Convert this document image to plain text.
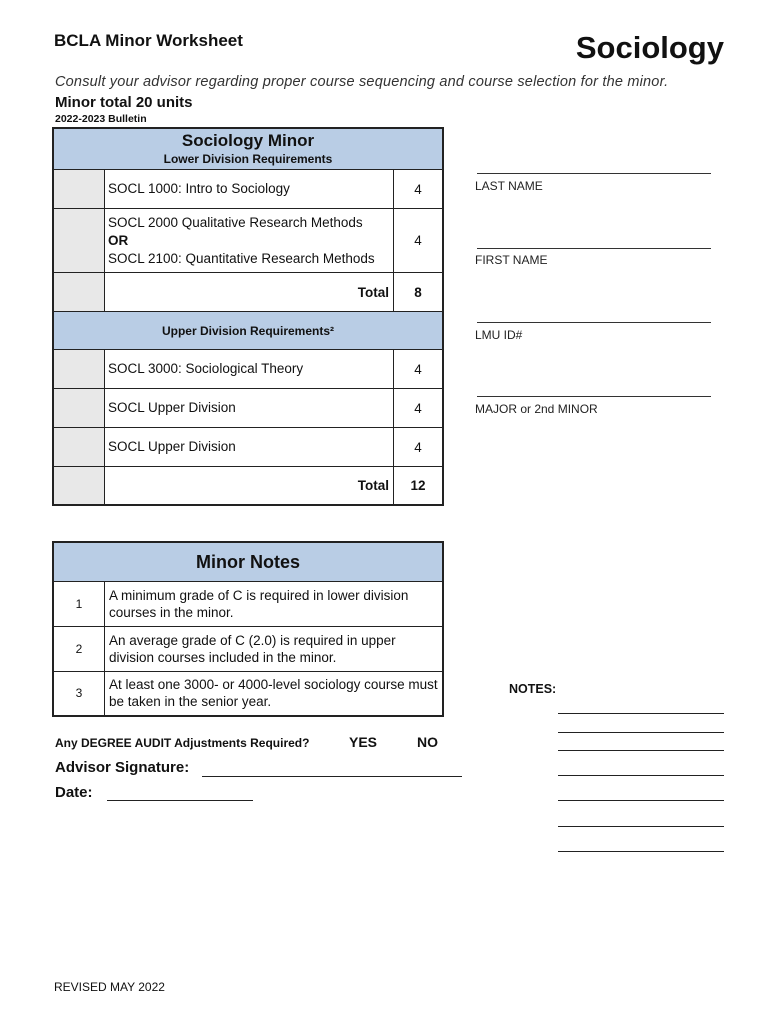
BCLA Minor Worksheet	Sociology
Consult your advisor regarding proper course sequencing and course selection for the minor.
Minor total 20 units
2022-2023 Bulletin
Sociology Minor
Lower Division Requirements		

	SOCL 1000: Intro to Sociology	4

	SOCL 2000 Qualitative Research Methods
OR
SOCL 2100: Quantitative Research Methods	4
	Total	8
Upper Division Requirements²		
	SOCL 3000: Sociological Theory	4
	SOCL Upper Division	4
	SOCL Upper Division	4
	Total	12
LAST NAME
FIRST NAME
LMU ID#
MAJOR or 2nd MINOR
Minor Notes	
1	A minimum grade of C is required in lower division courses in the minor.
2	An average grade of C (2.0) is required in upper division courses included in the minor.
3	At least one 3000- or 4000-level sociology course must be taken in the senior year.
NOTES:
Any DEGREE AUDIT Adjustments Required?	YES	NO
Advisor Signature:
Date:
REVISED MAY 2022
